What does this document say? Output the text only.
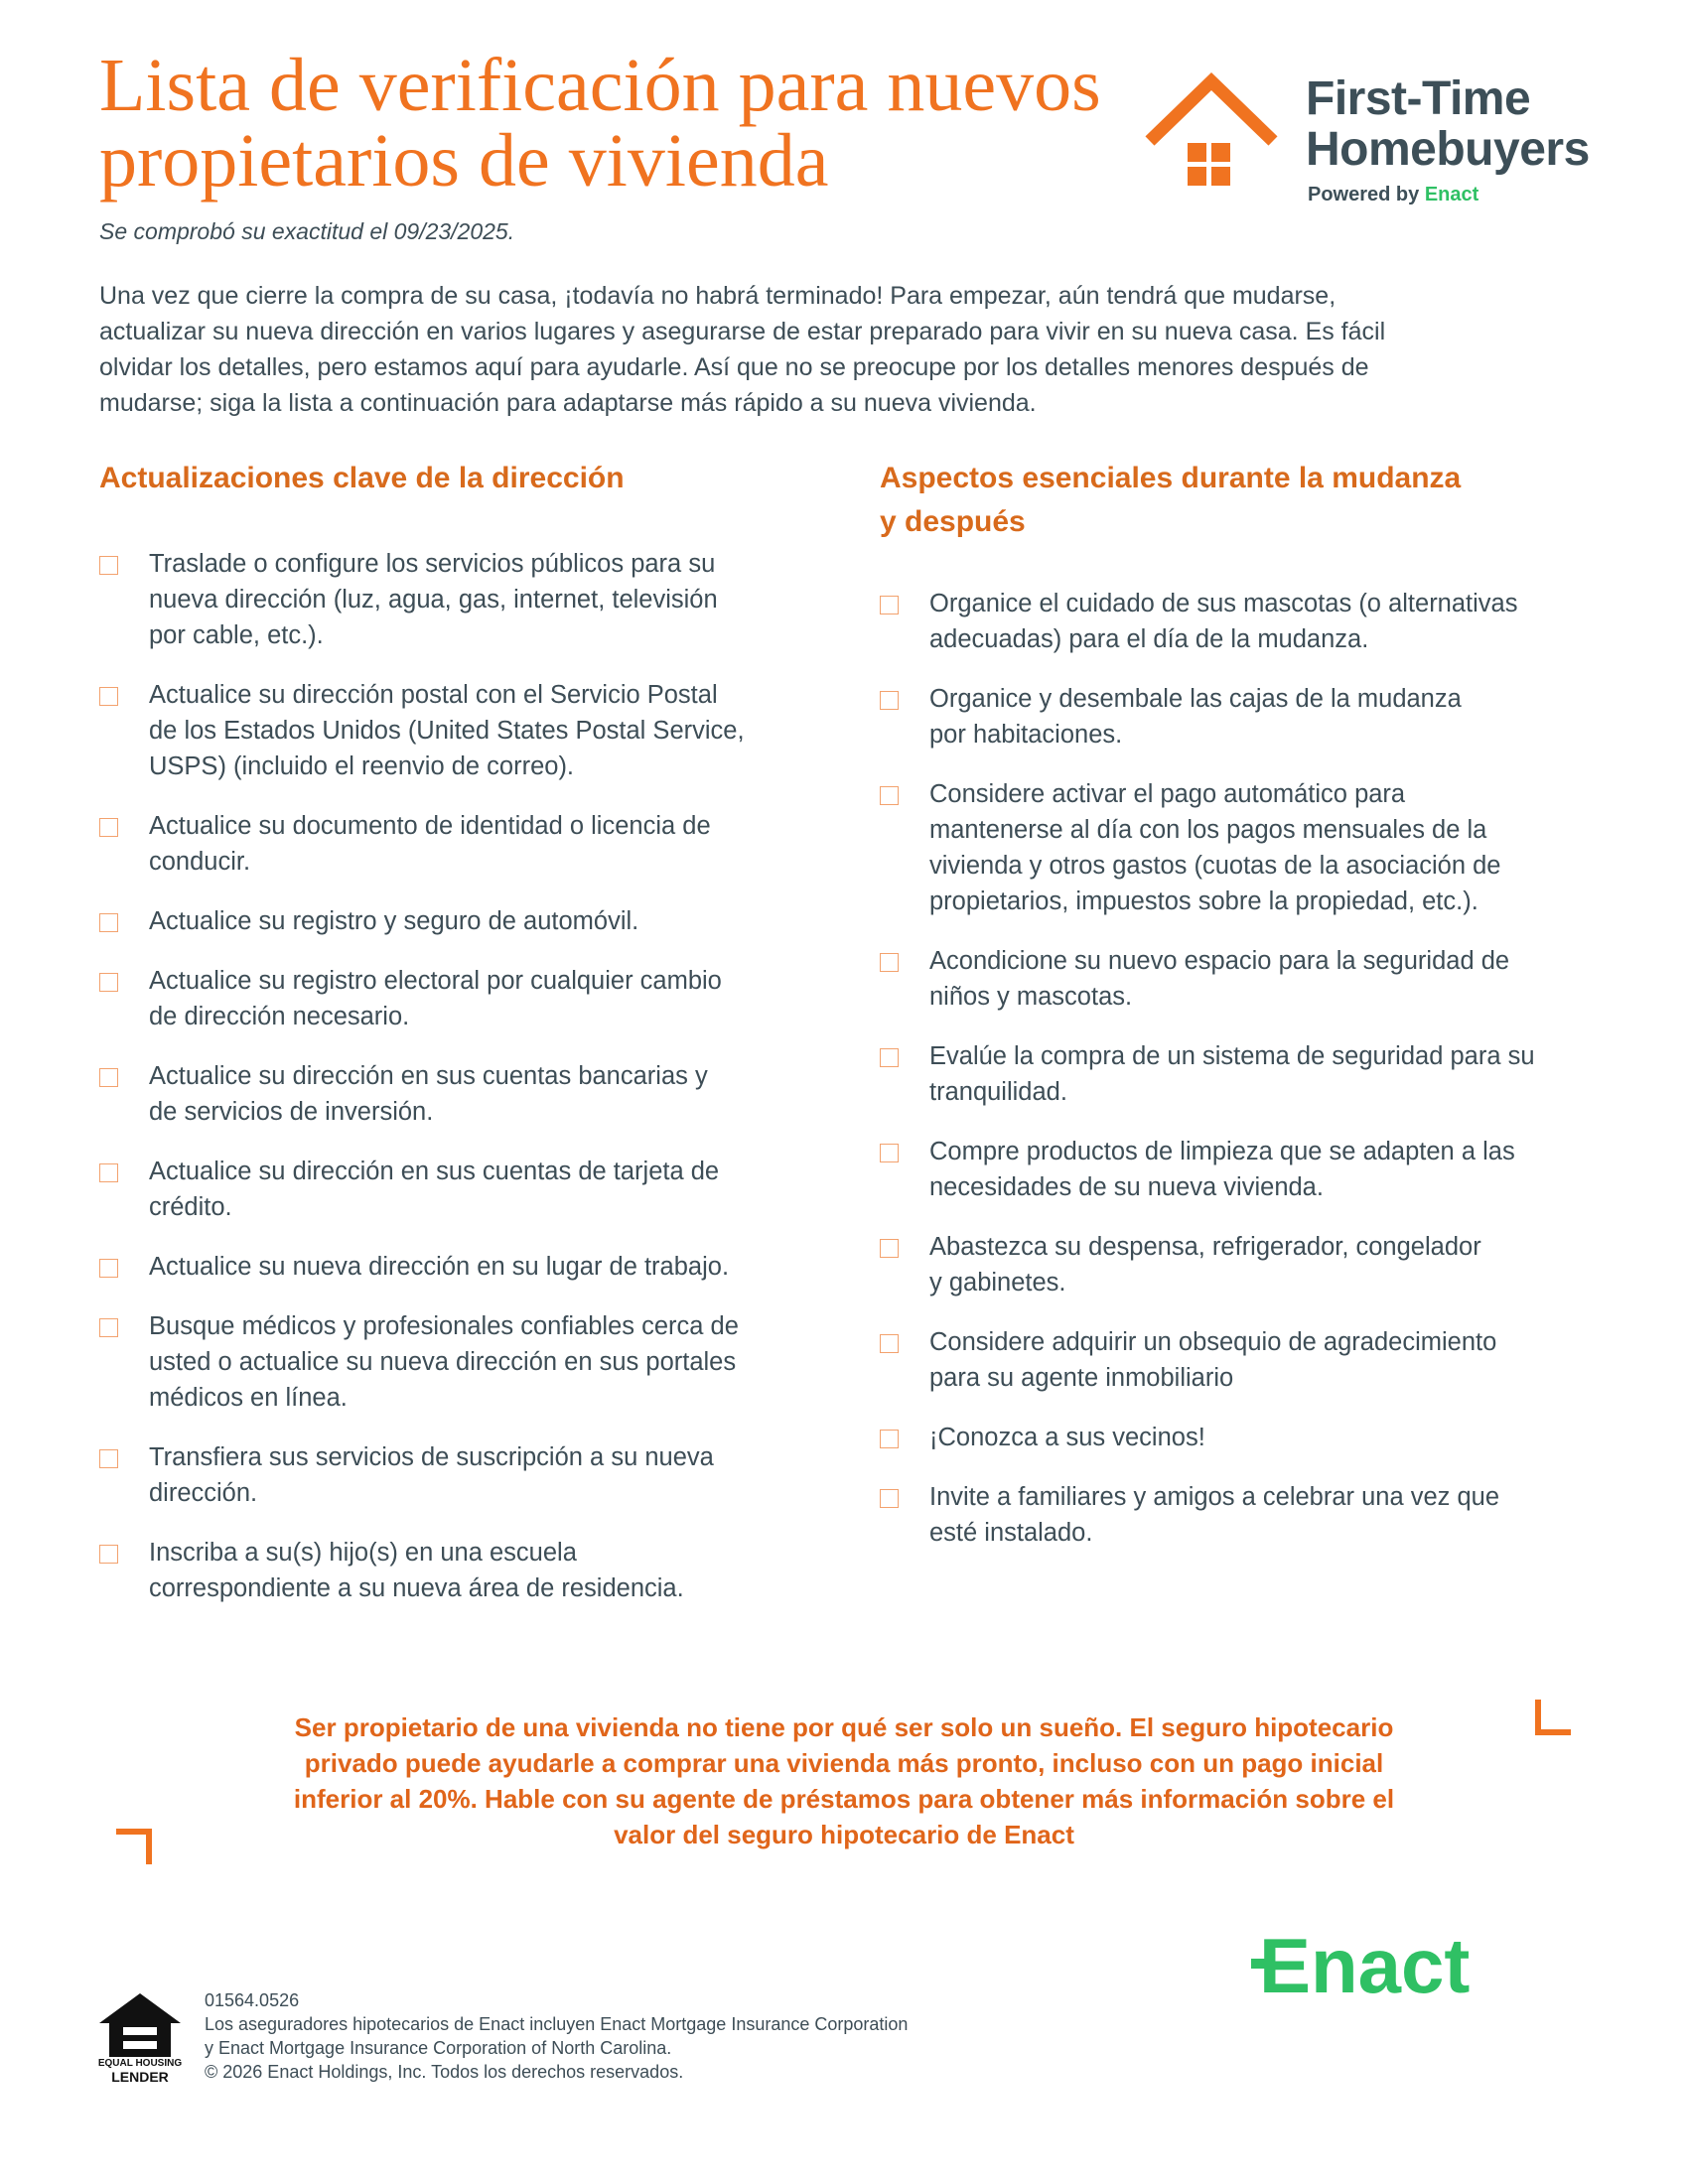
Lista de verificación para nuevos
propietarios de vivienda
Se comprobó su exactitud el 09/23/2025.
Una vez que cierre la compra de su casa, ¡todavía no habrá terminado! Para empezar, aún tendrá que mudarse,
actualizar su nueva dirección en varios lugares y asegurarse de estar preparado para vivir en su nueva casa. Es fácil
olvidar los detalles, pero estamos aquí para ayudarle. Así que no se preocupe por los detalles menores después de
mudarse; siga la lista a continuación para adaptarse más rápido a su nueva vivienda.
First-Time
Homebuyers
Powered by Enact
Actualizaciones clave de la dirección
Traslade o configure los servicios públicos para su
nueva dirección (luz, agua, gas, internet, televisión
por cable, etc.).
Actualice su dirección postal con el Servicio Postal
de los Estados Unidos (United States Postal Service,
USPS) (incluido el reenvio de correo).
Actualice su documento de identidad o licencia de
conducir.
Actualice su registro y seguro de automóvil.
Actualice su registro electoral por cualquier cambio
de dirección necesario.
Actualice su dirección en sus cuentas bancarias y
de servicios de inversión.
Actualice su dirección en sus cuentas de tarjeta de
crédito.
Actualice su nueva dirección en su lugar de trabajo.
Busque médicos y profesionales confiables cerca de
usted o actualice su nueva dirección en sus portales
médicos en línea.
Transfiera sus servicios de suscripción a su nueva
dirección.
Inscriba a su(s) hijo(s) en una escuela
correspondiente a su nueva área de residencia.
Aspectos esenciales durante la mudanza
y después
Organice el cuidado de sus mascotas (o alternativas
adecuadas) para el día de la mudanza.
Organice y desembale las cajas de la mudanza
por habitaciones.
Considere activar el pago automático para
mantenerse al día con los pagos mensuales de la
vivienda y otros gastos (cuotas de la asociación de
propietarios, impuestos sobre la propiedad, etc.).
Acondicione su nuevo espacio para la seguridad de
niños y mascotas.
Evalúe la compra de un sistema de seguridad para su
tranquilidad.
Compre productos de limpieza que se adapten a las
necesidades de su nueva vivienda.
Abastezca su despensa, refrigerador, congelador
y gabinetes.
Considere adquirir un obsequio de agradecimiento
para su agente inmobiliario
¡Conozca a sus vecinos!
Invite a familiares y amigos a celebrar una vez que
esté instalado.
Ser propietario de una vivienda no tiene por qué ser solo un sueño. El seguro hipotecario
privado puede ayudarle a comprar una vivienda más pronto, incluso con un pago inicial
inferior al 20%. Hable con su agente de préstamos para obtener más información sobre el
valor del seguro hipotecario de Enact
Enact
EQUAL HOUSING
LENDER
01564.0526
Los aseguradores hipotecarios de Enact incluyen Enact Mortgage Insurance Corporation
y Enact Mortgage Insurance Corporation of North Carolina.
© 2026 Enact Holdings, Inc. Todos los derechos reservados.
